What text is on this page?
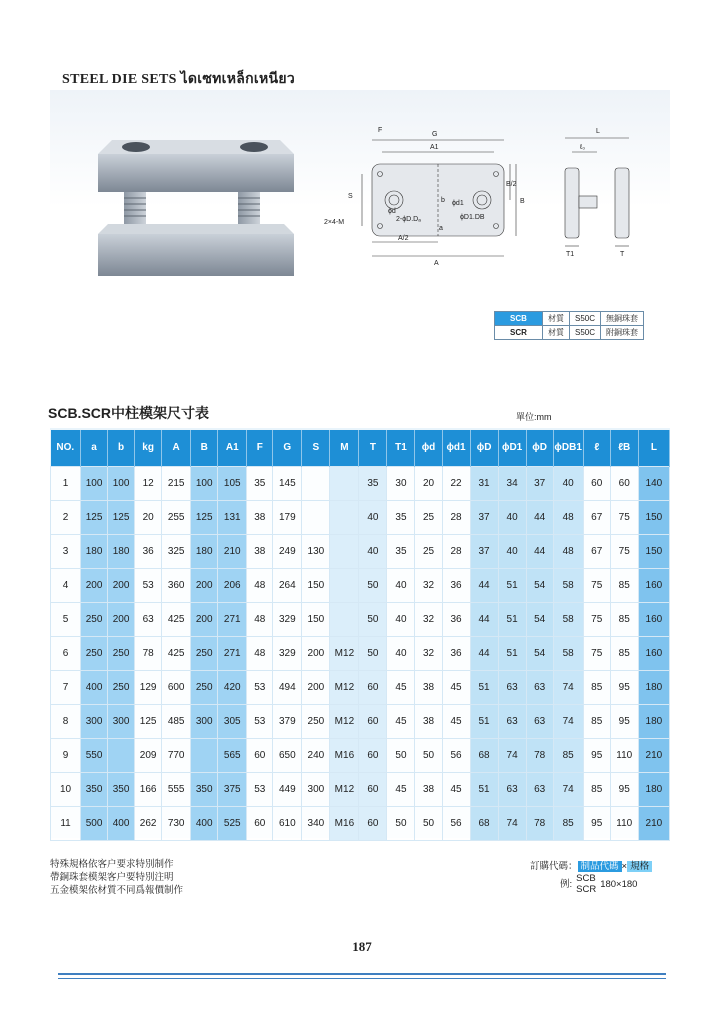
STEEL DIE SETS ไดเซทเหล็กเหนียว
F
G
A1
S
B/2
B
2×4-M
ϕd
ϕd1
2-ϕD.Dₐ	ϕD1.DB
A/2
A
L
ℓ₀
T1	T
a
b
SCB	材質	S50C	無銅珠套
SCR	材質	S50C	附銅珠套
SCB.SCR中柱模架尺寸表	單位:mm
NO.	a	b	kg	A	B	A1	F	G	S	M	T	T1	ϕd	ϕd1	ϕD	ϕD1	ϕD	ϕDB1	ℓ	ℓB	L
1	100	100	12	215	100	105	35	145			35	30	20	22	31	34	37	40	60	60	140
2	125	125	20	255	125	131	38	179			40	35	25	28	37	40	44	48	67	75	150
3	180	180	36	325	180	210	38	249	130		40	35	25	28	37	40	44	48	67	75	150
4	200	200	53	360	200	206	48	264	150		50	40	32	36	44	51	54	58	75	85	160
5	250	200	63	425	200	271	48	329	150		50	40	32	36	44	51	54	58	75	85	160
6	250	250	78	425	250	271	48	329	200	M12	50	40	32	36	44	51	54	58	75	85	160
7	400	250	129	600	250	420	53	494	200	M12	60	45	38	45	51	63	63	74	85	95	180
8	300	300	125	485	300	305	53	379	250	M12	60	45	38	45	51	63	63	74	85	95	180
9	550		209	770		565	60	650	240	M16	60	50	50	56	68	74	78	85	95	110	210
10	350	350	166	555	350	375	53	449	300	M12	60	45	38	45	51	63	63	74	85	95	180
11	500	400	262	730	400	525	60	610	340	M16	60	50	50	56	68	74	78	85	95	110	210
特殊規格依客户要求特別制作
帶銅珠套模架客户要特別注明
五金模架依材質不同爲報價制作
訂購代碼： 制品代碼 × 規格
例: SCB
SCR 180×180
187
